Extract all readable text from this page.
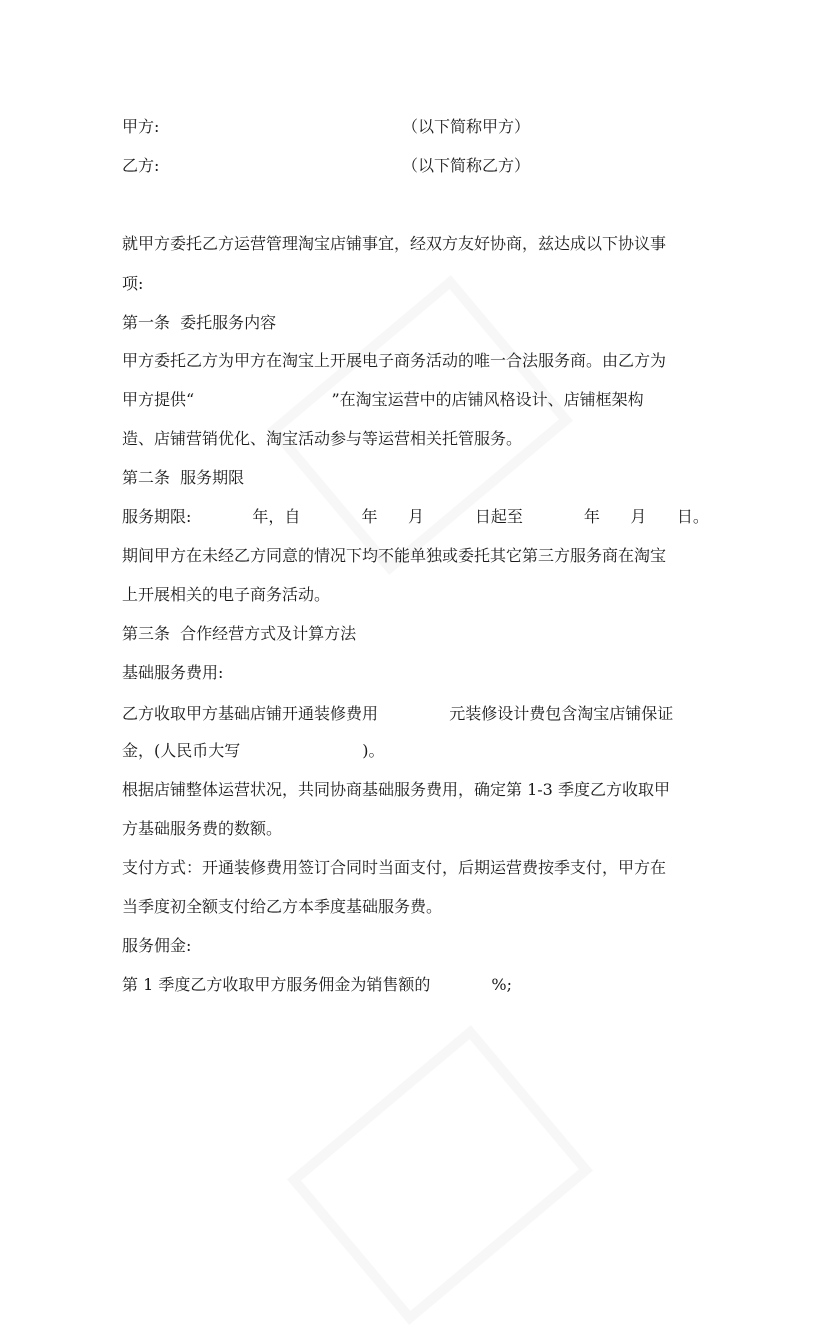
甲方:	（以下简称甲方）
乙方:	（以下简称乙方）
就甲方委托乙方运营管理淘宝店铺事宜，经双方友好协商，兹达成以下协议事
项:
第一条  委托服务内容
甲方委托乙方为甲方在淘宝上开展电子商务活动的唯一合法服务商。由乙方为
甲方提供“                           ”在淘宝运营中的店铺风格设计、店铺框架构
造、店铺营销优化、淘宝活动参与等运营相关托管服务。
第二条  服务期限
服务期限:            年，自            年      月          日起至            年      月      日。
期间甲方在未经乙方同意的情况下均不能单独或委托其它第三方服务商在淘宝
上开展相关的电子商务活动。
第三条  合作经营方式及计算方法
基础服务费用:
乙方收取甲方基础店铺开通装修费用              元装修设计费包含淘宝店铺保证
金，(人民币大写                        )。
根据店铺整体运营状况，共同协商基础服务费用，确定第 1-3 季度乙方收取甲
方基础服务费的数额。
支付方式：开通装修费用签订合同时当面支付，后期运营费按季支付，甲方在
当季度初全额支付给乙方本季度基础服务费。
服务佣金:
第 1 季度乙方收取甲方服务佣金为销售额的            %;
